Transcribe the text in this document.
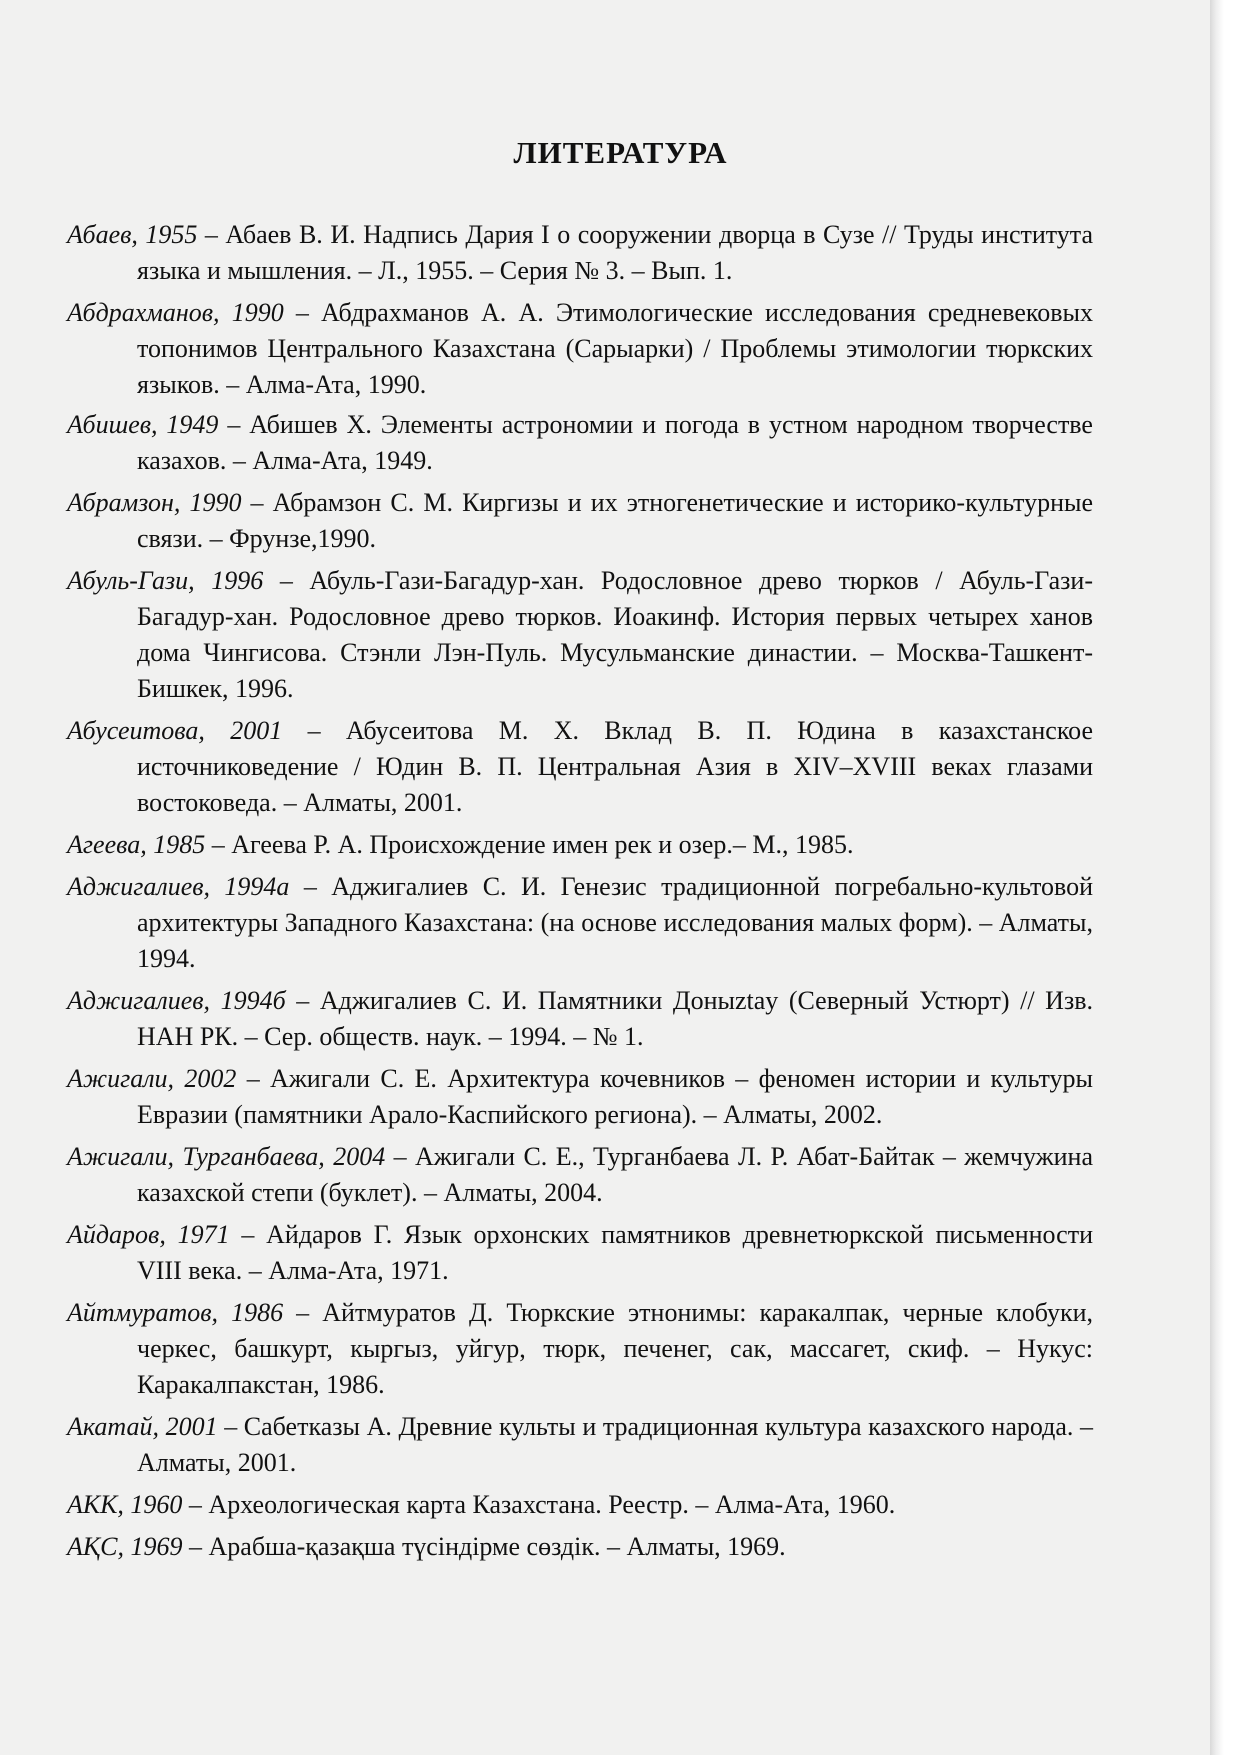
ЛИТЕРАТУРА
Абаев, 1955 – Абаев В. И. Надпись Дария I о сооружении дворца в Сузе // Труды института языка и мышления. – Л., 1955. – Серия № 3. – Вып. 1.
Абдрахманов, 1990 – Абдрахманов А. А. Этимологические исследования средневековых топонимов Центрального Казахстана (Сарыарки) / Проблемы этимологии тюркских языков. – Алма-Ата, 1990.
Абишев, 1949 – Абишев Х. Элементы астрономии и погода в устном народном творчестве казахов. – Алма-Ата, 1949.
Абрамзон, 1990 – Абрамзон С. М. Киргизы и их этногенетические и историко-культурные связи. – Фрунзе,1990.
Абуль-Гази, 1996 – Абуль-Гази-Багадур-хан. Родословное древо тюрков / Абуль-Гази-Багадур-хан. Родословное древо тюрков. Иоакинф. История первых четырех ханов дома Чингисова. Стэнли Лэн-Пуль. Мусульманские династии. – Москва-Ташкент-Бишкек, 1996.
Абусеитова, 2001 – Абусеитова М. Х. Вклад В. П. Юдина в казахстанское источниковедение / Юдин В. П. Центральная Азия в XIV–XVIII веках глазами востоковеда. – Алматы, 2001.
Агеева, 1985 – Агеева Р. А. Происхождение имен рек и озер.– М., 1985.
Аджигалиев, 1994а – Аджигалиев С. И. Генезис традиционной погребально-культовой архитектуры Западного Казахстана: (на основе исследования малых форм). – Алматы, 1994.
Аджигалиев, 1994б – Аджигалиев С. И. Памятники Доныztaу (Северный Устюрт) // Изв. НАН РК. – Сер. обществ. наук. – 1994. – № 1.
Ажигали, 2002 – Ажигали С. Е. Архитектура кочевников – феномен истории и культуры Евразии (памятники Арало-Каспийского региона). – Алматы, 2002.
Ажигали, Турганбаева, 2004 – Ажигали С. Е., Турганбаева Л. Р. Абат-Байтак – жемчужина казахской степи (буклет). – Алматы, 2004.
Айдаров, 1971 – Айдаров Г. Язык орхонских памятников древнетюркской письменности VIII века. – Алма-Ата, 1971.
Айтмуратов, 1986 – Айтмуратов Д. Тюркские этнонимы: каракалпак, черные клобуки, черкес, башкурт, кыргыз, уйгур, тюрк, печенег, сак, массагет, скиф. – Нукус: Каракалпакстан, 1986.
Акатай, 2001 – Сабетказы А. Древние культы и традиционная культура казахского народа. – Алматы, 2001.
АКК, 1960 – Археологическая карта Казахстана. Реестр. – Алма-Ата, 1960.
АҚС, 1969 – Арабша-қазақша түсіндірме сөздік. – Алматы, 1969.
